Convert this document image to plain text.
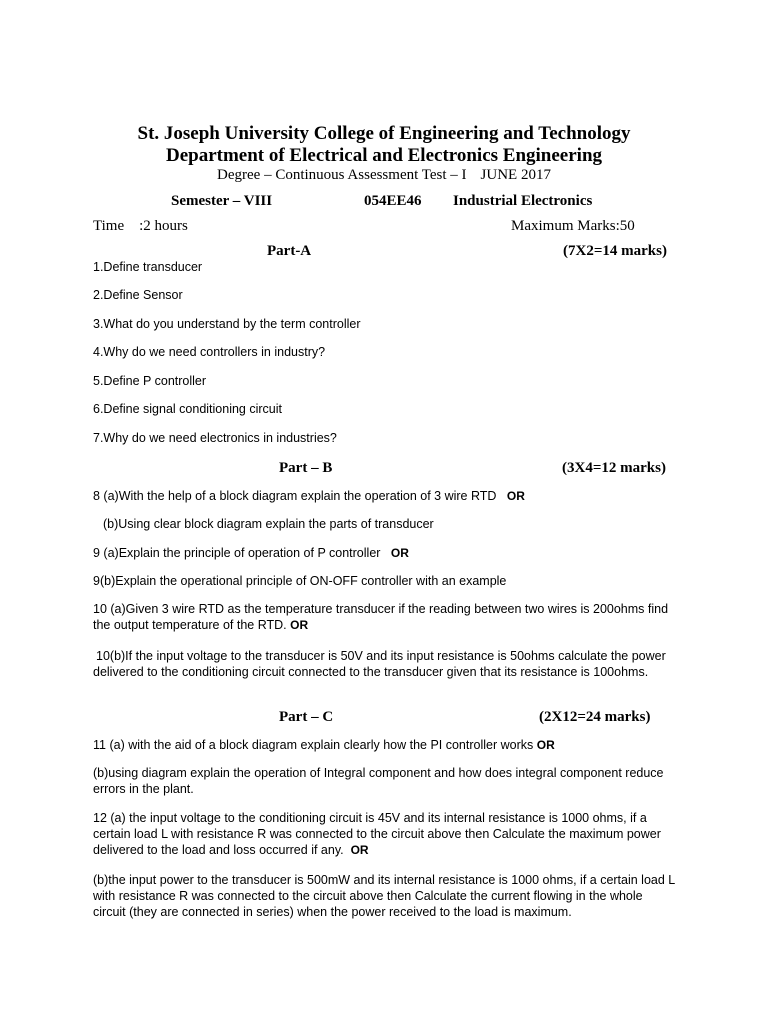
St. Joseph University College of Engineering and Technology
Department of Electrical and Electronics Engineering
Degree – Continuous Assessment Test – I JUNE 2017
Semester – VIII	054EE46 Industrial Electronics
Time    :2 hours	Maximum Marks:50
Part-A	(7X2=14 marks)
1.Define transducer
2.Define Sensor
3.What do you understand by the term controller
4.Why do we need controllers in industry?
5.Define P controller
6.Define signal conditioning circuit
7.Why do we need electronics in industries?
Part – B	(3X4=12 marks)
8 (a)With the help of a block diagram explain the operation of 3 wire RTD OR
(b)Using clear block diagram explain the parts of transducer
9 (a)Explain the principle of operation of P controller OR
9(b)Explain the operational principle of ON-OFF controller with an example
10 (a)Given 3 wire RTD as the temperature transducer if the reading between two wires is 200ohms find the output temperature of the RTD. OR
10(b)If the input voltage to the transducer is 50V and its input resistance is 50ohms calculate the power delivered to the conditioning circuit connected to the transducer given that its resistance is 100ohms.
Part – C	(2X12=24 marks)
11 (a) with the aid of a block diagram explain clearly how the PI controller works OR
(b)using diagram explain the operation of Integral component and how does integral component reduce errors in the plant.
12 (a) the input voltage to the conditioning circuit is 45V and its internal resistance is 1000 ohms, if a certain load L with resistance R was connected to the circuit above then Calculate the maximum power delivered to the load and loss occurred if any. OR
(b)the input power to the transducer is 500mW and its internal resistance is 1000 ohms, if a certain load L with resistance R was connected to the circuit above then Calculate the current flowing in the whole circuit (they are connected in series) when the power received to the load is maximum.
